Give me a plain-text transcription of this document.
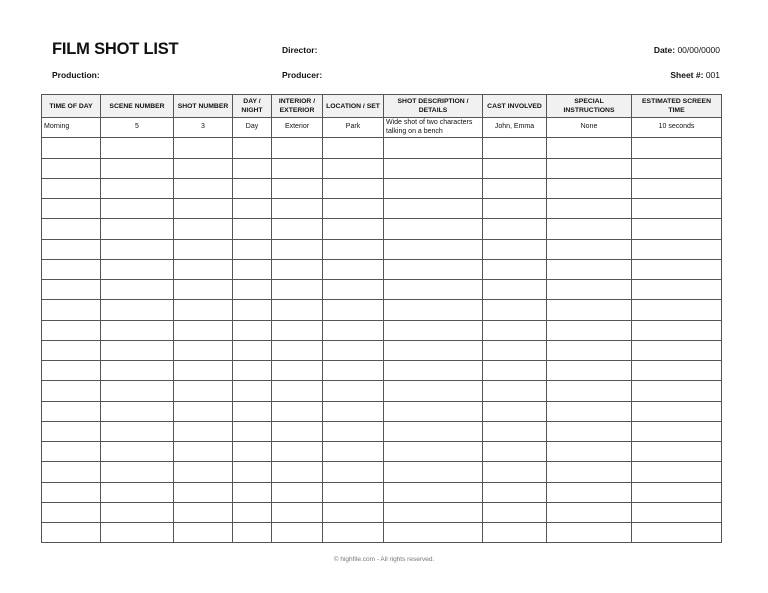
FILM SHOT LIST	Director:
Production:	Producer:
Date: 00/00/0000
Sheet #: 001
TIME OF DAY	SCENE NUMBER	SHOT NUMBER	DAY / NIGHT	INTERIOR / EXTERIOR	LOCATION / SET	SHOT DESCRIPTION / DETAILS	CAST INVOLVED	SPECIAL INSTRUCTIONS	ESTIMATED SCREEN TIME
Morning	5	3	Day	Exterior	Park	Wide shot of two characters talking on a bench	John, Emma	None	10 seconds

© highfile.com - All rights reserved.
